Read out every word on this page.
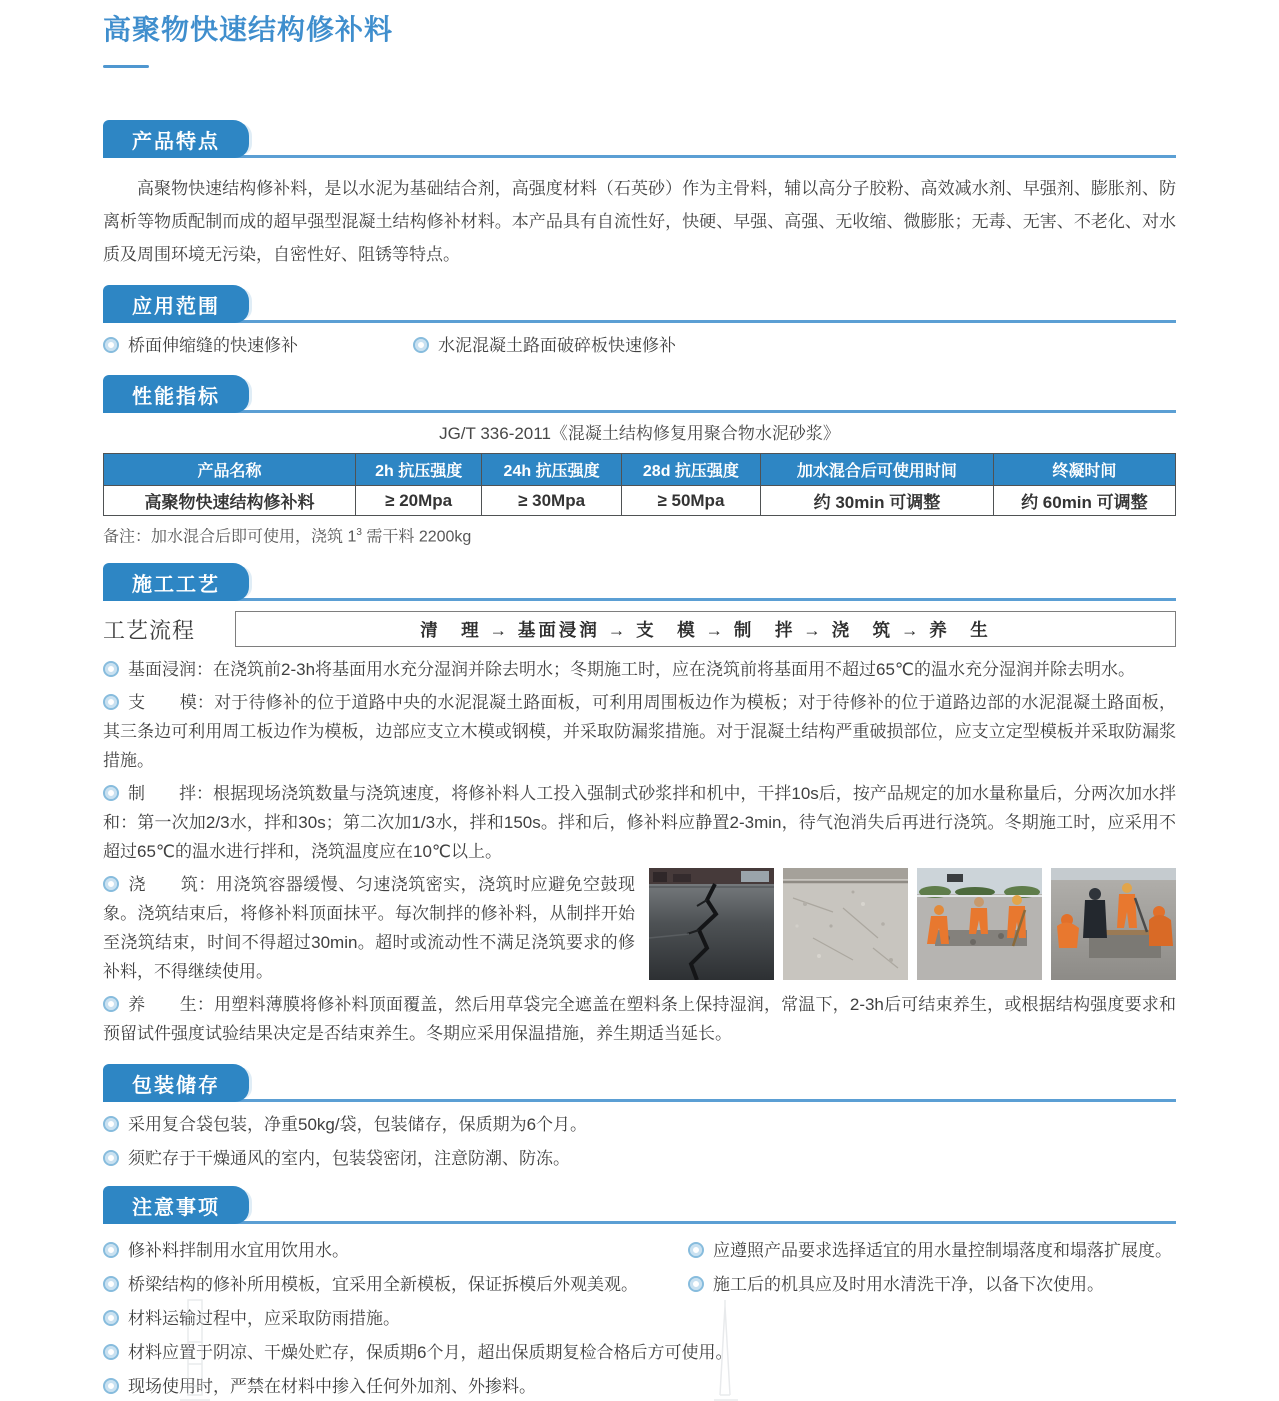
高聚物快速结构修补料
产品特点

高聚物快速结构修补料，是以水泥为基础结合剂，高强度材料（石英砂）作为主骨料，辅以高分子胶粉、高效减水剂、早强剂、膨胀剂、防离析等物质配制而成的超早强型混凝土结构修补材料。本产品具有自流性好，快硬、早强、高强、无收缩、微膨胀；无毒、无害、不老化、对水质及周围环境无污染，自密性好、阻锈等特点。

应用范围
桥面伸缩缝的快速修补	水泥混凝土路面破碎板快速修补
性能指标
JG/T 336-2011《混凝土结构修复用聚合物水泥砂浆》
产品名称	2h 抗压强度	24h 抗压强度	28d 抗压强度	加水混合后可使用时间	终凝时间
高聚物快速结构修补料	≥ 20Mpa	≥ 30Mpa	≥ 50Mpa	约 30min 可调整	约 60min 可调整

备注：加水混合后即可使用，浇筑 $1^3$ 需干料 2200kg

施工工艺
工艺流程	清　理 → 基面浸润 → 支　模 → 制　拌 → 浇　筑 → 养　生

基面浸润：在浇筑前2-3h将基面用水充分湿润并除去明水；冬期施工时，应在浇筑前将基面用不超过65℃的温水充分湿润并除去明水。

支　　模：对于待修补的位于道路中央的水泥混凝土路面板，可利用周围板边作为模板；对于待修补的位于道路边部的水泥混凝土路面板，其三条边可利用周工板边作为模板，边部应支立木模或钢模，并采取防漏浆措施。对于混凝土结构严重破损部位，应支立定型模板并采取防漏浆措施。

制　　拌：根据现场浇筑数量与浇筑速度，将修补料人工投入强制式砂浆拌和机中，干拌10s后，按产品规定的加水量称量后，分两次加水拌和：第一次加2/3水，拌和30s；第二次加1/3水，拌和150s。拌和后，修补料应静置2-3min，待气泡消失后再进行浇筑。冬期施工时，应采用不超过65℃的温水进行拌和，浇筑温度应在10℃以上。

浇　　筑：用浇筑容器缓慢、匀速浇筑密实，浇筑时应避免空鼓现象。浇筑结束后，将修补料顶面抹平。每次制拌的修补料，从制拌开始至浇筑结束，时间不得超过30min。超时或流动性不满足浇筑要求的修补料，不得继续使用。

养　　生：用塑料薄膜将修补料顶面覆盖，然后用草袋完全遮盖在塑料条上保持湿润，常温下，2-3h后可结束养生，或根据结构强度要求和预留试件强度试验结果决定是否结束养生。冬期应采用保温措施，养生期适当延长。

包装储存

采用复合袋包装，净重50kg/袋，包装储存，保质期为6个月。

须贮存于干燥通风的室内，包装袋密闭，注意防潮、防冻。

注意事项

修补料拌制用水宜用饮用水。

桥梁结构的修补所用模板，宜采用全新模板，保证拆模后外观美观。

应遵照产品要求选择适宜的用水量控制塌落度和塌落扩展度。

施工后的机具应及时用水清洗干净，以备下次使用。

材料运输过程中，应采取防雨措施。

材料应置于阴凉、干燥处贮存，保质期6个月，超出保质期复检合格后方可使用。

现场使用时，严禁在材料中掺入任何外加剂、外掺料。
